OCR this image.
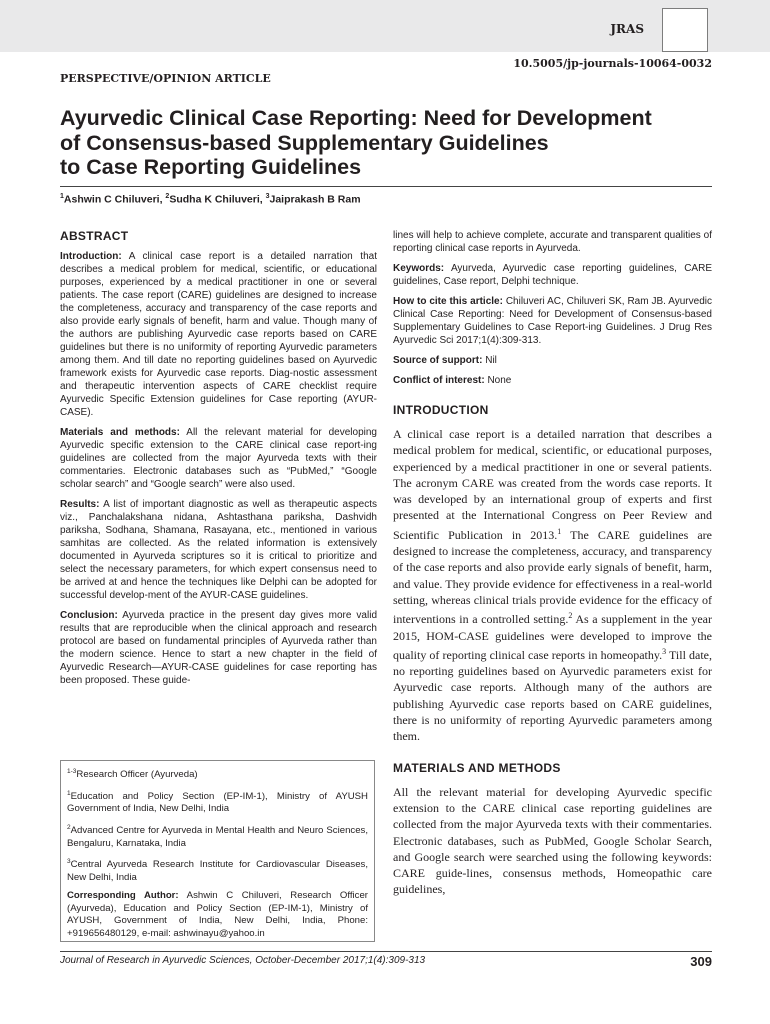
JRAS
10.5005/jp-journals-10064-0032
PERSPECTIVE/OPINION ARTICLE
Ayurvedic Clinical Case Reporting: Need for Development
of Consensus-based Supplementary Guidelines
to Case Reporting Guidelines
$^1$Ashwin C Chiluveri, $^2$Sudha K Chiluveri, $^3$Jaiprakash B Ram

ABSTRACT

Introduction: A clinical case report is a detailed narration that describes a medical problem for medical, scientific, or educational purposes, experienced by a medical practitioner in one or several patients. The case report (CARE) guidelines are designed to increase the completeness, accuracy and transparency of the case reports and also provide early signals of benefit, harm and value. Though many of the authors are publishing Ayurvedic case reports based on CARE guidelines but there is no uniformity of reporting Ayurvedic parameters among them. And till date no reporting guidelines based on Ayurvedic framework exists for Ayurvedic case reports. Diag-nostic assessment and therapeutic intervention aspects of CARE checklist require Ayurvedic Specific Extension guidelines for Case reporting (AYUR-CASE).

Materials and methods: All the relevant material for developing Ayurvedic specific extension to the CARE clinical case report-ing guidelines are collected from the major Ayurveda texts with their commentaries. Electronic databases such as “PubMed,” “Google scholar search” and “Google search” were also used.

Results: A list of important diagnostic as well as therapeutic aspects viz., Panchalakshana nidana, Ashtasthana pariksha, Dashvidh pariksha, Sodhana, Shamana, Rasayana, etc., mentioned in various samhitas are collected. As the related information is extensively documented in Ayurveda scriptures so it is critical to prioritize and select the necessary parameters, for which expert consensus need to be arrived at and hence the techniques like Delphi can be adopted for successful develop-ment of the AYUR-CASE guidelines.

Conclusion: Ayurveda practice in the present day gives more valid results that are reproducible when the clinical approach and research protocol are based on fundamental principles of Ayurveda rather than the modern science. Hence to start a new chapter in the field of Ayurvedic Research—AYUR-CASE guidelines for case reporting has been proposed. These guide-

$^{1-3}$Research Officer (Ayurveda)

$^1$Education and Policy Section (EP-IM-1), Ministry of AYUSH Government of India, New Delhi, India

$^2$Advanced Centre for Ayurveda in Mental Health and Neuro Sciences, Bengaluru, Karnataka, India

$^3$Central Ayurveda Research Institute for Cardiovascular Diseases, New Delhi, India

Corresponding Author: Ashwin C Chiluveri, Research Officer (Ayurveda), Education and Policy Section (EP-IM-1), Ministry of AYUSH, Government of India, New Delhi, India, Phone: +919656480129, e-mail: ashwinayu@yahoo.in

lines will help to achieve complete, accurate and transparent qualities of reporting clinical case reports in Ayurveda.

Keywords: Ayurveda, Ayurvedic case reporting guidelines, CARE guidelines, Case report, Delphi technique.

How to cite this article: Chiluveri AC, Chiluveri SK, Ram JB. Ayurvedic Clinical Case Reporting: Need for Development of Consensus-based Supplementary Guidelines to Case Report-ing Guidelines. J Drug Res Ayurvedic Sci 2017;1(4):309-313.

Source of support: Nil

Conflict of interest: None

INTRODUCTION

A clinical case report is a detailed narration that describes a medical problem for medical, scientific, or educational purposes, experienced by a medical practitioner in one or several patients. The acronym CARE was created from the words case reports. It was developed by an international group of experts and first presented at the International Congress on Peer Review and Scientific Publication in 2013.$^1$ The CARE guidelines are designed to increase the completeness, accuracy, and transparency of the case reports and also provide early signals of benefit, harm, and value. They provide evidence for effectiveness in a real-world setting, whereas clinical trials provide evidence for the efficacy of interventions in a controlled setting.$^2$ As a supplement in the year 2015, HOM-CASE guidelines were developed to improve the quality of reporting clinical case reports in homeopathy.$^3$ Till date, no reporting guidelines based on Ayurvedic parameters exist for Ayurvedic case reports. Although many of the authors are publishing Ayurvedic case reports based on CARE guidelines, there is no uniformity of reporting Ayurvedic parameters among them.

MATERIALS AND METHODS

All the relevant material for developing Ayurvedic specific extension to the CARE clinical case reporting guidelines are collected from the major Ayurveda texts with their commentaries. Electronic databases, such as PubMed, Google Scholar Search, and Google search were searched using the following keywords: CARE guide-lines, consensus methods, Homeopathic care guidelines,

Journal of Research in Ayurvedic Sciences, October-December 2017;1(4):309-313	309
